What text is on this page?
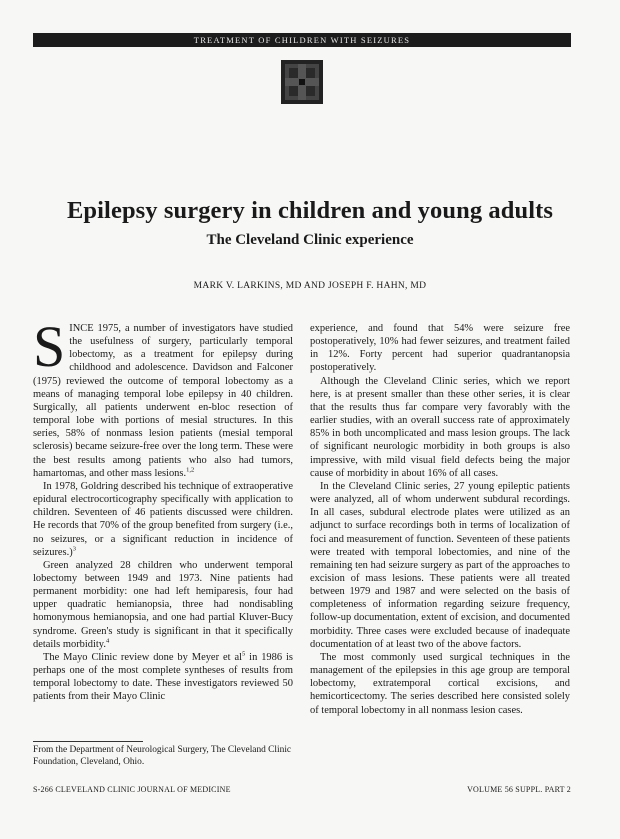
TREATMENT OF CHILDREN WITH SEIZURES
Epilepsy surgery in children and young adults
The Cleveland Clinic experience

MARK V. LARKINS, MD AND JOSEPH F. HAHN, MD

SINCE 1975, a number of investigators have studied the usefulness of surgery, particularly temporal lobectomy, as a treatment for epilepsy during childhood and adolescence. Davidson and Falconer (1975) reviewed the outcome of temporal lobectomy as a means of managing temporal lobe epilepsy in 40 children. Surgically, all patients underwent en-bloc resection of temporal lobe with portions of mesial structures. In this series, 58% of nonmass lesion patients (mesial temporal sclerosis) became seizure-free over the long term. These were the best results among patients who also had tumors, hamartomas, and other mass lesions.$^{1,2}$

In 1978, Goldring described his technique of extraoperative epidural electrocorticography specifically with application to children. Seventeen of 46 patients discussed were children. He records that 70% of the group benefited from surgery (i.e., no seizures, or a significant reduction in incidence of seizures.)$^3$

Green analyzed 28 children who underwent temporal lobectomy between 1949 and 1973. Nine patients had permanent morbidity: one had left hemiparesis, four had upper quadratic hemianopsia, three had nondisabling homonymous hemianopsia, and one had partial Kluver-Bucy syndrome. Green's study is significant in that it specifically details morbidity.$^4$

The Mayo Clinic review done by Meyer et $al^5$ in 1986 is perhaps one of the most complete syntheses of results from temporal lobectomy to date. These investigators reviewed 50 patients from their Mayo Clinic

experience, and found that 54% were seizure free postoperatively, 10% had fewer seizures, and treatment failed in 12%. Forty percent had superior quadrantanopsia postoperatively.

Although the Cleveland Clinic series, which we report here, is at present smaller than these other series, it is clear that the results thus far compare very favorably with the earlier studies, with an overall success rate of approximately 85% in both uncomplicated and mass lesion groups. The lack of significant neurologic morbidity in both groups is also impressive, with mild visual field defects being the major cause of morbidity in about 16% of all cases.

In the Cleveland Clinic series, 27 young epileptic patients were analyzed, all of whom underwent subdural recordings. In all cases, subdural electrode plates were utilized as an adjunct to surface recordings both in terms of localization of foci and measurement of function. Seventeen of these patients were treated with temporal lobectomies, and nine of the remaining ten had seizure surgery as part of the approaches to excision of mass lesions. These patients were all treated between 1979 and 1987 and were selected on the basis of completeness of information regarding seizure frequency, follow-up documentation, extent of excision, and documented morbidity. Three cases were excluded because of inadequate documentation of at least two of the above factors.

The most commonly used surgical techniques in the management of the epilepsies in this age group are temporal lobectomy, extratemporal cortical excisions, and hemicorticectomy. The series described here consisted solely of temporal lobectomy in all nonmass lesion cases.

From the Department of Neurological Surgery, The Cleveland Clinic Foundation, Cleveland, Ohio.

S-266 CLEVELAND CLINIC JOURNAL OF MEDICINE	VOLUME 56 SUPPL. PART 2
